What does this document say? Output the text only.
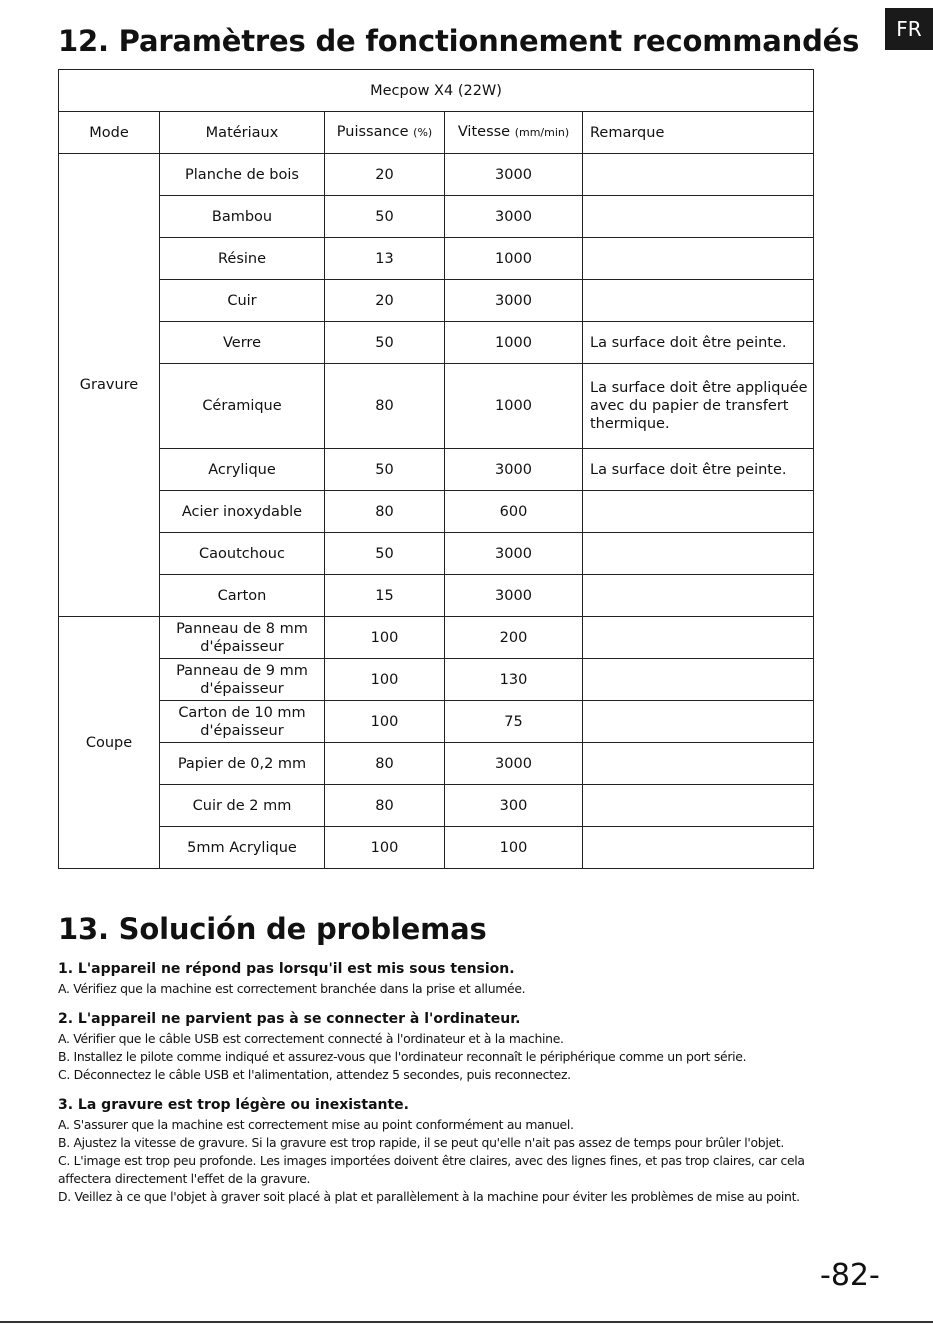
FR
12. Paramètres de fonctionnement recommandés
Mecpow X4 (22W)				
Mode	Matériaux	Puissance (%)	Vitesse (mm/min)	Remarque
Gravure	Planche de bois	20	3000	
	Bambou	50	3000	
	Résine	13	1000	
	Cuir	20	3000	
	Verre	50	1000	La surface doit être peinte.
	Céramique	80	1000	La surface doit être appliquée avec du papier de transfert thermique.
	Acrylique	50	3000	La surface doit être peinte.
	Acier inoxydable	80	600	
	Caoutchouc	50	3000	
	Carton	15	3000	
Coupe	Panneau de 8 mm d'épaisseur	100	200	
	Panneau de 9 mm d'épaisseur	100	130	
	Carton de 10 mm d'épaisseur	100	75	
	Papier de 0,2 mm	80	3000	
	Cuir de 2 mm	80	300	
	5mm Acrylique	100	100	
13. Solución de problemas

1. L'appareil ne répond pas lorsqu'il est mis sous tension.

A. Vérifiez que la machine est correctement branchée dans la prise et allumée.

2. L'appareil ne parvient pas à se connecter à l'ordinateur.

A. Vérifier que le câble USB est correctement connecté à l'ordinateur et à la machine.

B. Installez le pilote comme indiqué et assurez-vous que l'ordinateur reconnaît le périphérique comme un port série.

C. Déconnectez le câble USB et l'alimentation, attendez 5 secondes, puis reconnectez.

3. La gravure est trop légère ou inexistante.

A. S'assurer que la machine est correctement mise au point conformément au manuel.

B. Ajustez la vitesse de gravure. Si la gravure est trop rapide, il se peut qu'elle n'ait pas assez de temps pour brûler l'objet.

C. L'image est trop peu profonde. Les images importées doivent être claires, avec des lignes fines, et pas trop claires, car cela

affectera directement l'effet de la gravure.

D. Veillez à ce que l'objet à graver soit placé à plat et parallèlement à la machine pour éviter les problèmes de mise au point.

-82-
